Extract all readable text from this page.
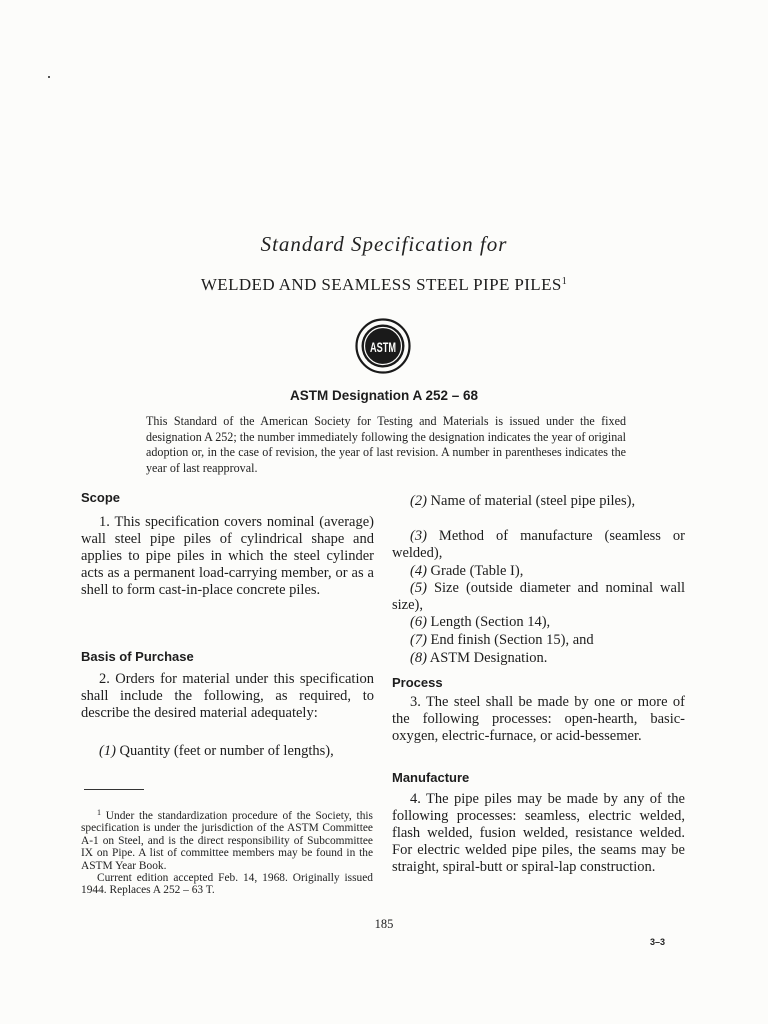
Standard Specification for
WELDED AND SEAMLESS STEEL PIPE PILES$^1$
ASTM
ASTM Designation A 252 – 68
This Standard of the American Society for Testing and Materials is issued under the fixed designation A 252; the number immediately following the designation indicates the year of original adoption or, in the case of revision, the year of last revision. A number in parentheses indicates the year of last reapproval.
Scope
1. This specification covers nominal (average) wall steel pipe piles of cylindrical shape and applies to pipe piles in which the steel cylinder acts as a permanent load-carrying member, or as a shell to form cast-in-place concrete piles.
Basis of Purchase
2. Orders for material under this specification shall include the following, as required, to describe the desired material adequately:
(1) Quantity (feet or number of lengths),
(2) Name of material (steel pipe piles),
(3) Method of manufacture (seamless or welded),
(4) Grade (Table I),
(5) Size (outside diameter and nominal wall size),
(6) Length (Section 14),
(7) End finish (Section 15), and
(8) ASTM Designation.
Process
3. The steel shall be made by one or more of the following processes: open-hearth, basic-oxygen, electric-furnace, or acid-bessemer.
Manufacture
4. The pipe piles may be made by any of the following processes: seamless, electric welded, flash welded, fusion welded, resistance welded. For electric welded pipe piles, the seams may be straight, spiral-butt or spiral-lap construction.
$^1$ Under the standardization procedure of the Society, this specification is under the jurisdiction of the ASTM Committee A-1 on Steel, and is the direct responsibility of Subcommittee IX on Pipe. A list of committee members may be found in the ASTM Year Book.
Current edition accepted Feb. 14, 1968. Originally issued 1944. Replaces A 252 – 63 T.
185
3–3
